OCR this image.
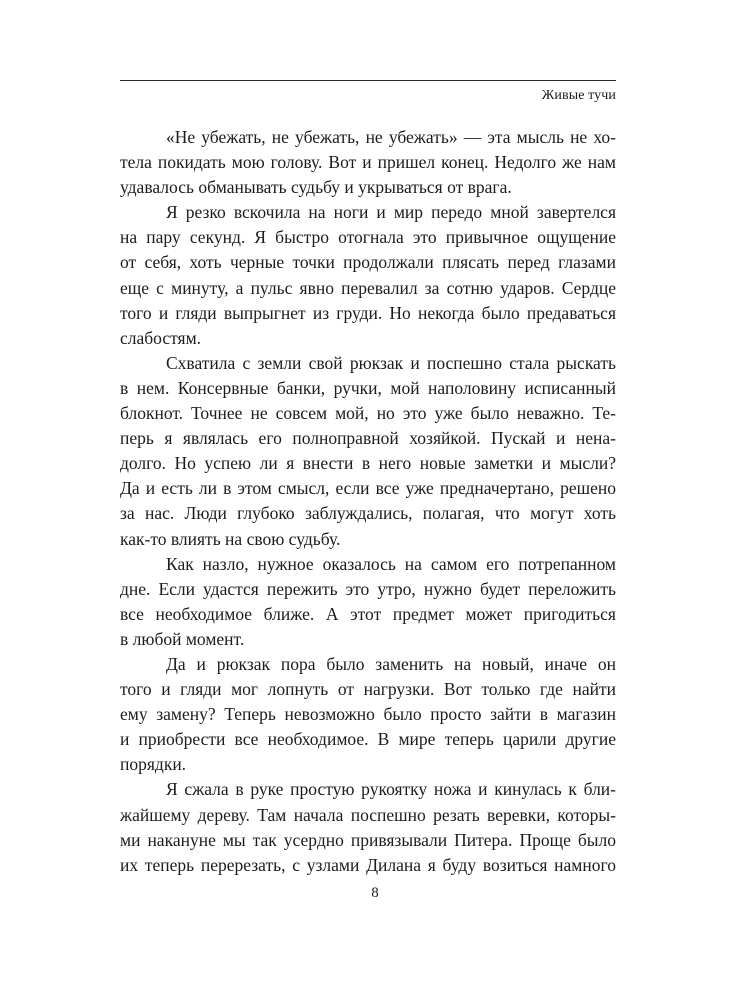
Живые тучи
«Не убежать, не убежать, не убежать» — эта мысль не хо-
тела покидать мою голову. Вот и пришел конец. Недолго же нам
удавалось обманывать судьбу и укрываться от врага.
Я резко вскочила на ноги и мир передо мной завертелся
на пару секунд. Я быстро отогнала это привычное ощущение
от себя, хоть черные точки продолжали плясать перед глазами
еще с минуту, а пульс явно перевалил за сотню ударов. Сердце
того и гляди выпрыгнет из груди. Но некогда было предаваться
слабостям.
Схватила с земли свой рюкзак и поспешно стала рыскать
в нем. Консервные банки, ручки, мой наполовину исписанный
блокнот. Точнее не совсем мой, но это уже было неважно. Те-
перь я являлась его полноправной хозяйкой. Пускай и нена-
долго. Но успею ли я внести в него новые заметки и мысли?
Да и есть ли в этом смысл, если все уже предначертано, решено
за нас. Люди глубоко заблуждались, полагая, что могут хоть
как-то влиять на свою судьбу.
Как назло, нужное оказалось на самом его потрепанном
дне. Если удастся пережить это утро, нужно будет переложить
все необходимое ближе. А этот предмет может пригодиться
в любой момент.
Да и рюкзак пора было заменить на новый, иначе он
того и гляди мог лопнуть от нагрузки. Вот только где найти
ему замену? Теперь невозможно было просто зайти в магазин
и приобрести все необходимое. В мире теперь царили другие
порядки.
Я сжала в руке простую рукоятку ножа и кинулась к бли-
жайшему дереву. Там начала поспешно резать веревки, которы-
ми накануне мы так усердно привязывали Питера. Проще было
их теперь перерезать, с узлами Дилана я буду возиться намного
8
